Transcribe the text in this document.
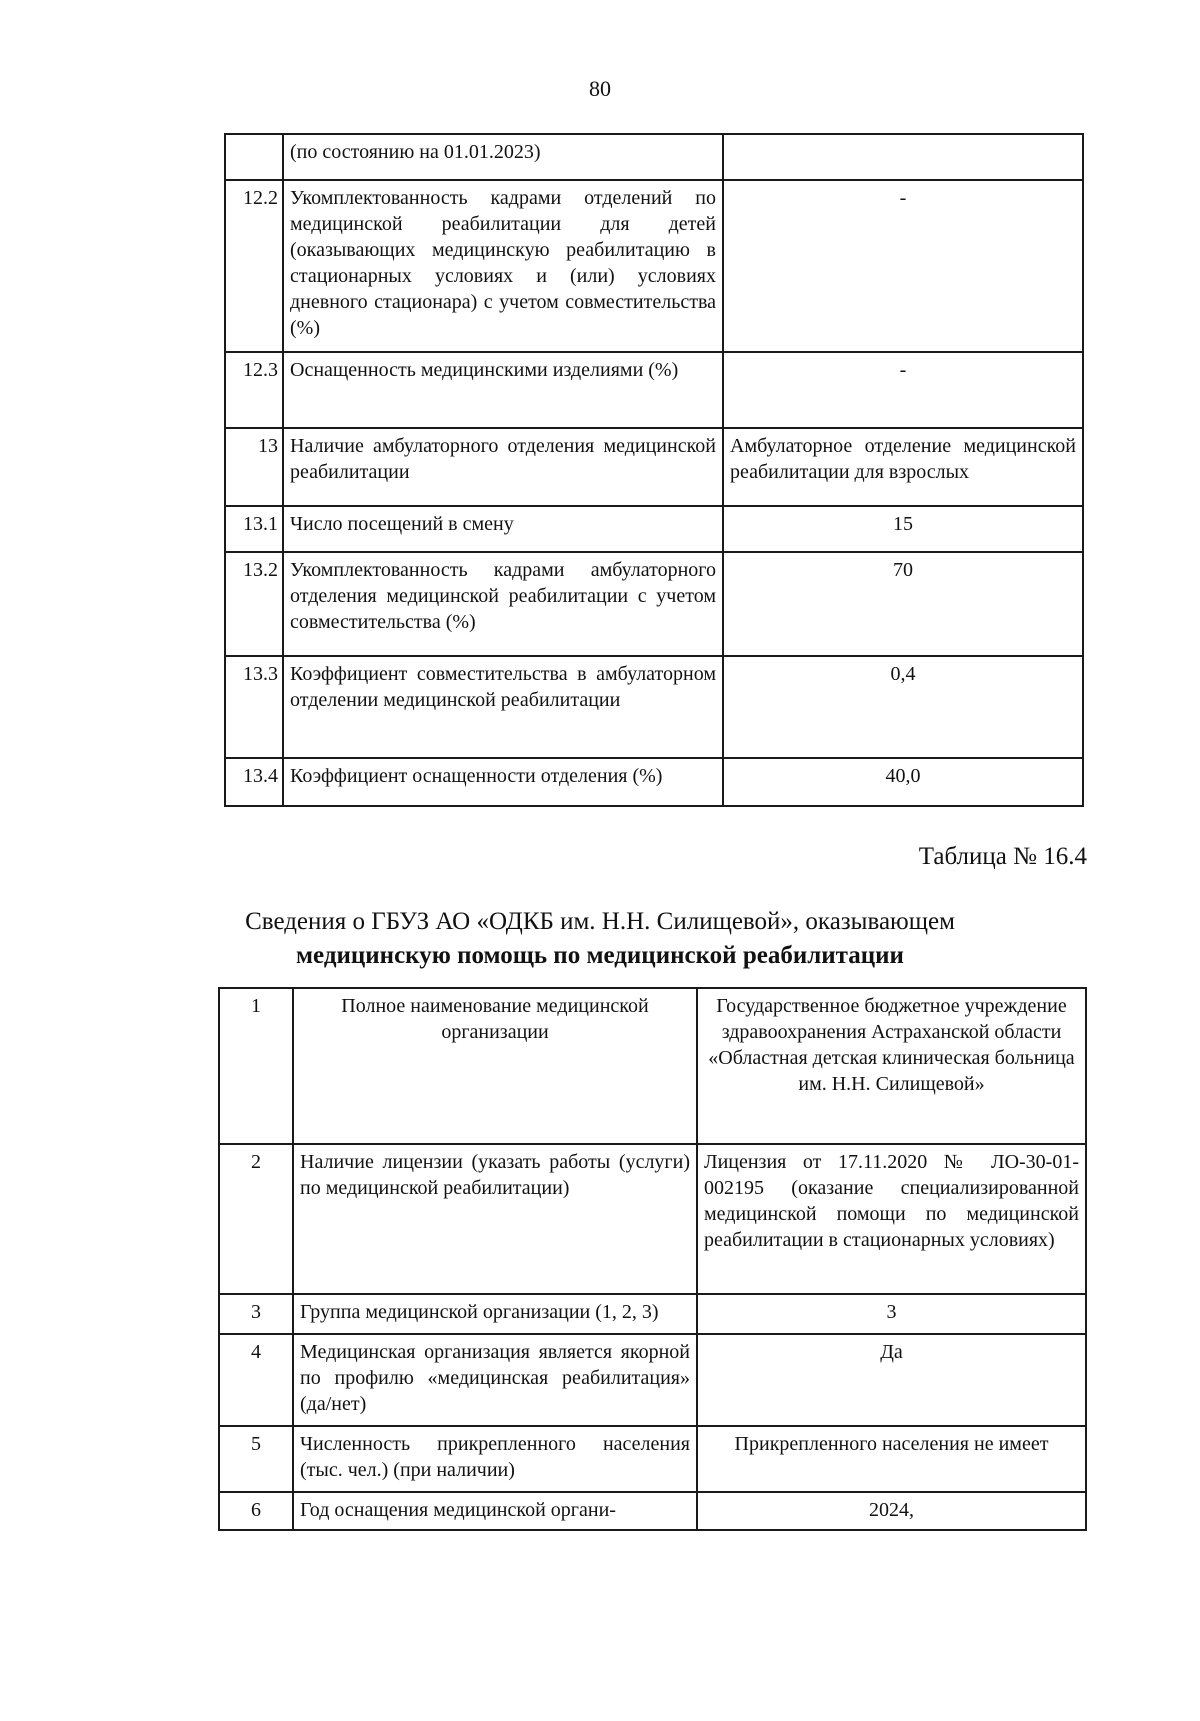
80
	(по состоянию на 01.01.2023)	
12.2	Укомплектованность кадрами отделений по медицинской реабилитации для детей (оказывающих медицинскую реабилитацию в стационарных условиях и (или) условиях дневного стационара) с учетом совместительства (%)	-
12.3	Оснащенность медицинскими изделиями (%)	-
13	Наличие амбулаторного отделения медицинской реабилитации	Амбулаторное отделение медицинской реабилитации для взрослых
13.1	Число посещений в смену	15
13.2	Укомплектованность кадрами амбулаторного отделения медицинской реабилитации с учетом совместительства (%)	70
13.3	Коэффициент совместительства в амбулаторном отделении медицинской реабилитации	0,4
13.4	Коэффициент оснащенности отделения (%)	40,0
Таблица № 16.4
Сведения о ГБУЗ АО «ОДКБ им. Н.Н. Силищевой», оказывающем
медицинскую помощь по медицинской реабилитации
1	Полное наименование медицинской организации	Государственное бюджетное учреждение здравоохранения Астраханской области «Областная детская клиническая больница им. Н.Н. Силищевой»
2	Наличие лицензии (указать работы (услуги) по медицинской реабилитации)	Лицензия от 17.11.2020 № ЛО-30-01-002195 (оказание специализированной медицинской помощи по медицинской реабилитации в стационарных условиях)
3	Группа медицинской организации (1, 2, 3)	3
4	Медицинская организация является якорной по профилю «медицинская реабилитация» (да/нет)	Да
5	Численность прикрепленного населения (тыс. чел.) (при наличии)	Прикрепленного населения не имеет
6	Год оснащения медицинской органи-	2024,
